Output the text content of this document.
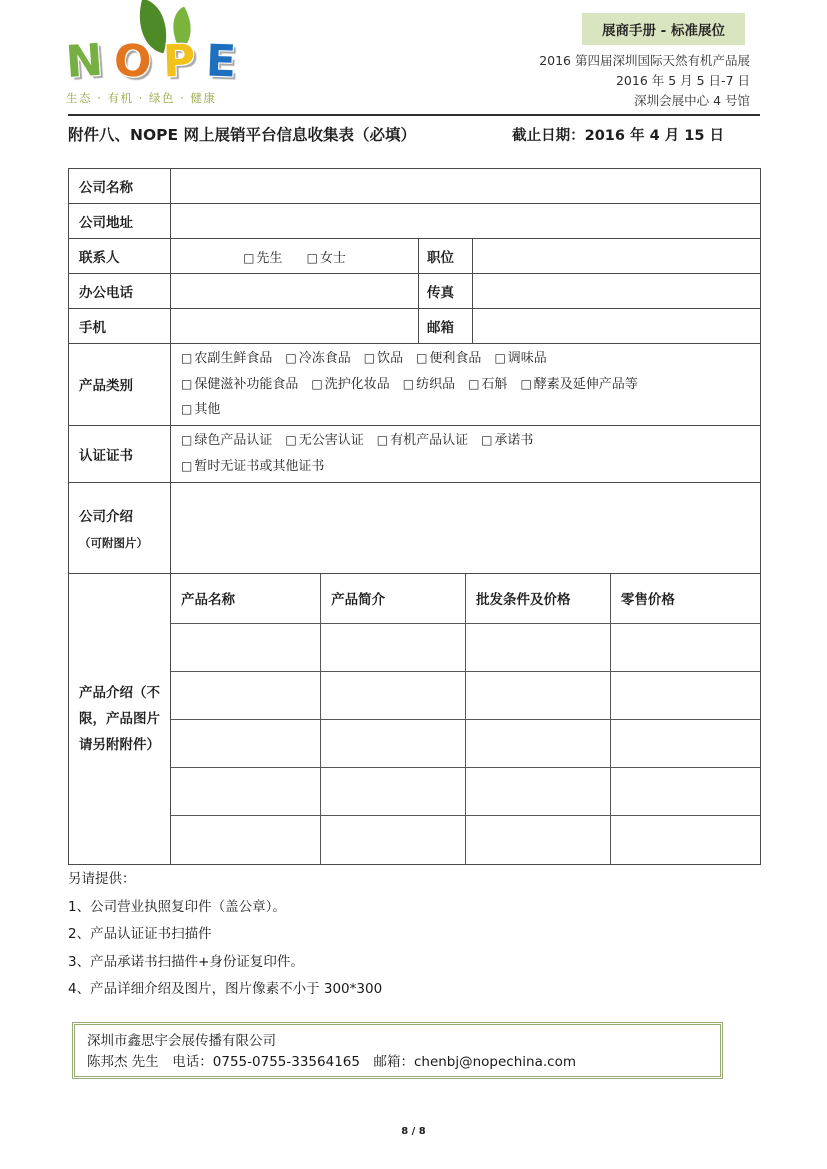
N O P E
生态 · 有机 · 绿色 · 健康
展商手册 - 标准展位
2016 第四届深圳国际天然有机产品展
2016 年 5 月 5 日-7 日
深圳会展中心 4 号馆
附件八、NOPE 网上展销平台信息收集表（必填）	截止日期：2016 年 4 月 15 日
公司名称	
公司地址	
联系人	□ 先生 □ 女士	职位	
办公电话		传真	
手机		邮箱	
产品类别	
□ 农副生鲜食品 □ 冷冻食品 □ 饮品 □ 便利食品 □ 调味品
□ 保健滋补功能食品 □ 洗护化妆品 □ 纺织品 □ 石斛 □ 酵素及延伸产品等
□ 其他

认证证书	
□ 绿色产品认证 □ 无公害认证 □ 有机产品认证 □ 承诺书
□ 暂时无证书或其他证书

公司介绍
（可附图片）

产品介绍（不限，产品图片请另附附件）	
产品名称	产品简介	批发条件及价格	零售价格

另请提供：
1、公司营业执照复印件（盖公章）。
2、产品认证证书扫描件
3、产品承诺书扫描件+身份证复印件。
4、产品详细介绍及图片，图片像素不小于 300*300
深圳市鑫思宇会展传播有限公司
陈邦杰 先生　电话：0755-0755-33564165　邮箱：chenbj@nopechina.com
8 / 8
